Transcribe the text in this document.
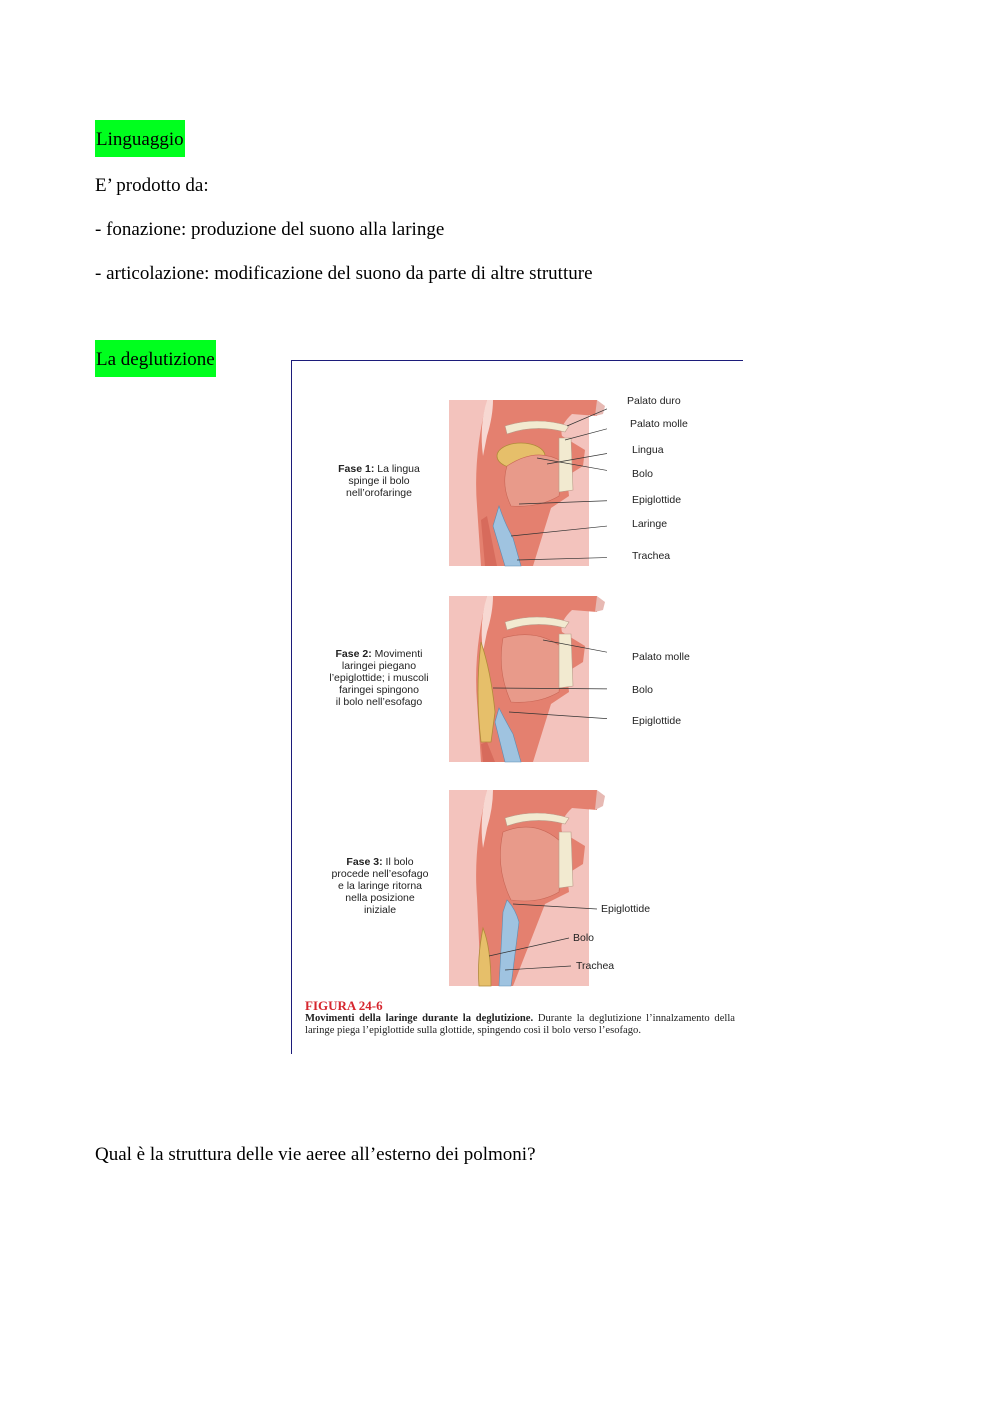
Linguaggio
E’ prodotto da:
- fonazione: produzione del suono alla laringe
- articolazione: modificazione del suono da parte di altre strutture
La deglutizione
Fase 1: La lingua
spinge il bolo
nell’orofaringe
Palato duro
Palato molle
Lingua
Bolo
Epiglottide
Laringe
Trachea
Fase 2: Movimenti
laringei piegano
l’epiglottide; i muscoli
faringei spingono
il bolo nell’esofago
Palato molle
Bolo
Epiglottide
Fase 3: Il bolo
procede nell’esofago
e la laringe ritorna
nella posizione
iniziale	Epiglottide
Bolo
Trachea
FIGURA 24-6
Movimenti della laringe durante la deglutizione. Durante la deglutizione l’innalzamento della laringe piega l’epiglottide sulla glottide, spingendo così il bolo verso l’esofago.
Qual è la struttura delle vie aeree all’esterno dei polmoni?
